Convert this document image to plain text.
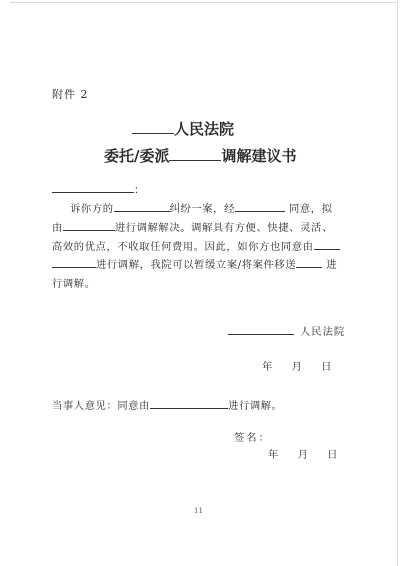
附件 2
人民法院
委托/委派	调解建议书
：
诉你方的	纠纷一案，经	同意，拟
由	进行调解解决。调解具有方便、快捷、灵活、
高效的优点，不收取任何费用。因此，如你方也同意由
进行调解，我院可以暂缓立案/将案件移送	进
行调解。
人民法院
年 月 日
当事人意见：同意由	进行调解。
签名：
年 月 日
11
